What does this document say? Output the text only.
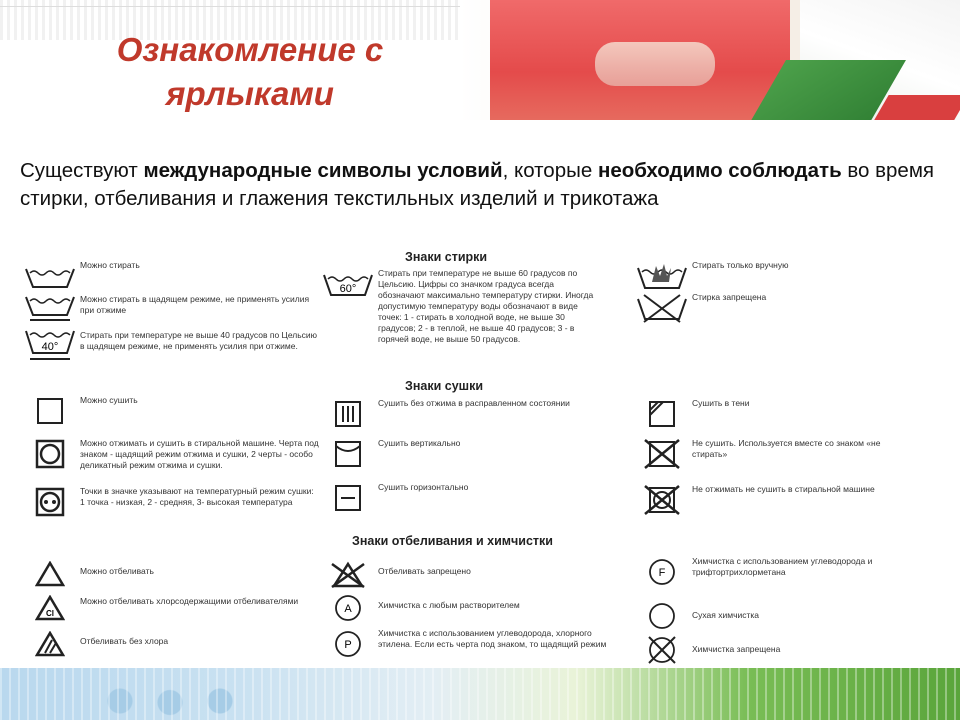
Ознакомление с ярлыками

Существуют международные символы условий, которые необходимо соблюдать во время стирки, отбеливания и глажения текстильных изделий и трикотажа

Знаки стирки
Знаки сушки
Знаки отбеливания и химчистки
Можно стирать
Можно стирать в щадящем режиме, не применять усилия при отжиме
40°
Стирать при температуре не выше 40 градусов по Цельсию в щадящем режиме, не применять усилия при отжиме.
60°
Стирать при температуре не выше 60 градусов по Цельсию. Цифры со значком градуса всегда обозначают максимально температуру стирки. Иногда допустимую температуру воды обозначают в виде точек: 1 - стирать в холодной воде, не выше 30 градусов; 2 - в теплой, не выше 40 градусов; 3 - в горячей воде, не выше 50 градусов.
Стирать только вручную
Стирка запрещена
Можно сушить
Можно отжимать и сушить в стиральной машине. Черта под знаком - щадящий режим отжима и сушки, 2 черты - особо деликатный режим отжима и сушки.
Точки в значке указывают на температурный режим сушки: 1 точка - низкая, 2 - средняя, 3- высокая температура
Сушить без отжима в расправленном состоянии
Сушить вертикально
Сушить горизонтально
Сушить в тени
Не сушить. Используется вместе со знаком «не стирать»
Не отжимать не сушить в стиральной машине
Можно отбеливать
Cl
Можно отбеливать хлорсодержащими отбеливателями
Отбеливать без хлора
Отбеливать запрещено
A	Химчистка с любым растворителем
P
Химчистка с использованием углеводорода, хлорного этилена. Если есть черта под знаком, то щадящий режим
F
Химчистка с использованием углеводорода и трифтортрихлорметана
Сухая химчистка
Химчистка запрещена
